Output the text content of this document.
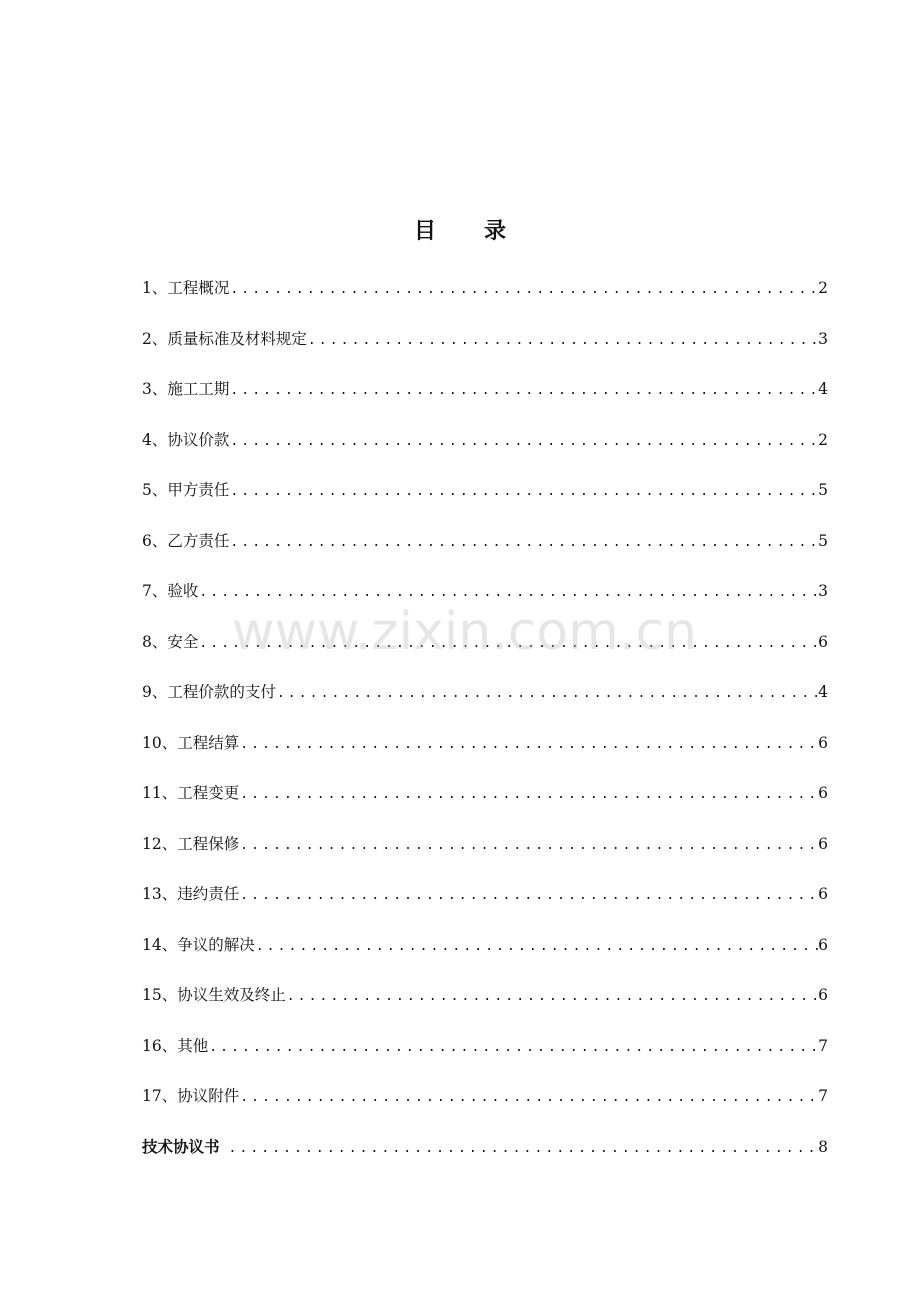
目 录
1、工程概况 .....	2
2、质量标准及材料规定 .....	3
3、施工工期 .....	4
4、协议价款 .....	2
5、甲方责任 .....	5
6、乙方责任 .....	5
7、验收 .....	3
8、安全 .....	6
9、工程价款的支付 .....	4
10、工程结算 .....	6
11、工程变更 .....	6
12、工程保修 .....	6
13、违约责任 .....	6
14、争议的解决 .....	6
15、协议生效及终止 .....	6
16、其他 .....	7
17、协议附件 .....	7
技术协议书 .....	8
www.zixin.com.cn
